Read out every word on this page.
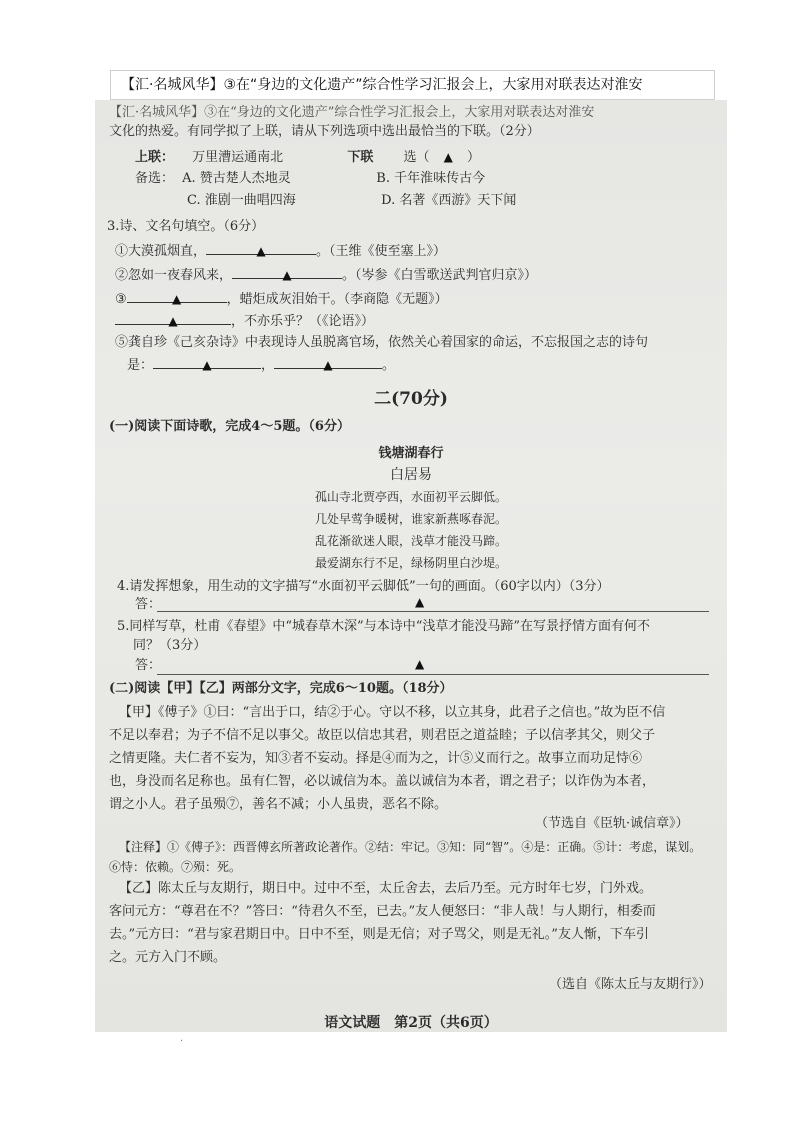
【汇·名城风华】③在“身边的文化遗产”综合性学习汇报会上，大家用对联表达对淮安
【汇·名城风华】③在“身边的文化遗产”综合性学习汇报会上，大家用对联表达对淮安
文化的热爱。有同学拟了上联，请从下列选项中选出最恰当的下联。（2分）
上联： 万里漕运通南北	下联 选（ ▲ ）
备选： A. 赞古楚人杰地灵	B. 千年淮味传古今
C. 淮剧一曲唱四海	D. 名著《西游》天下闻
3.诗、文名句填空。（6分）
①大漠孤烟直，	▲	。（王维《使至塞上》）
②忽如一夜春风来，	▲	。（岑参《白雪歌送武判官归京》）
③	▲	，蜡炬成灰泪始干。（李商隐《无题》）
▲	，不亦乐乎？（《论语》）
⑤龚自珍《己亥杂诗》中表现诗人虽脱离官场，依然关心着国家的命运，不忘报国之志的诗句
是：	▲	，	▲	。
二(70分)
(一)阅读下面诗歌，完成4～5题。（6分）
钱塘湖春行
白居易
孤山寺北贾亭西，水面初平云脚低。
几处早莺争暖树，谁家新燕啄春泥。
乱花渐欲迷人眼，浅草才能没马蹄。
最爱湖东行不足，绿杨阴里白沙堤。
4.请发挥想象，用生动的文字描写“水面初平云脚低”一句的画面。（60字以内）（3分）
答：	▲
5.同样写草，杜甫《春望》中“城春草木深”与本诗中“浅草才能没马蹄”在写景抒情方面有何不
同？（3分）
答：	▲
(二)阅读【甲】【乙】两部分文字，完成6～10题。（18分）
【甲】《傅子》①曰：“言出于口，结②于心。守以不移，以立其身，此君子之信也。”故为臣不信
不足以奉君；为子不信不足以事父。故臣以信忠其君，则君臣之道益睦；子以信孝其父，则父子
之情更隆。夫仁者不妄为，知③者不妄动。择是④而为之，计⑤义而行之。故事立而功足恃⑥
也，身没而名足称也。虽有仁智，必以诚信为本。盖以诚信为本者，谓之君子；以诈伪为本者，
谓之小人。君子虽殒⑦，善名不减；小人虽贵，恶名不除。
（节选自《臣轨·诚信章》）
【注释】①《傅子》：西晋傅玄所著政论著作。②结：牢记。③知：同“智”。④是：正确。⑤计：考虑，谋划。
⑥恃：依赖。⑦殒：死。
【乙】陈太丘与友期行，期日中。过中不至，太丘舍去，去后乃至。元方时年七岁，门外戏。
客问元方：“尊君在不？”答曰：“待君久不至，已去。”友人便怒曰：“非人哉！与人期行，相委而
去。”元方曰：“君与家君期日中。日中不至，则是无信；对子骂父，则是无礼。”友人惭，下车引
之。元方入门不顾。
（选自《陈太丘与友期行》）
语文试题　第2页（共6页）
·
